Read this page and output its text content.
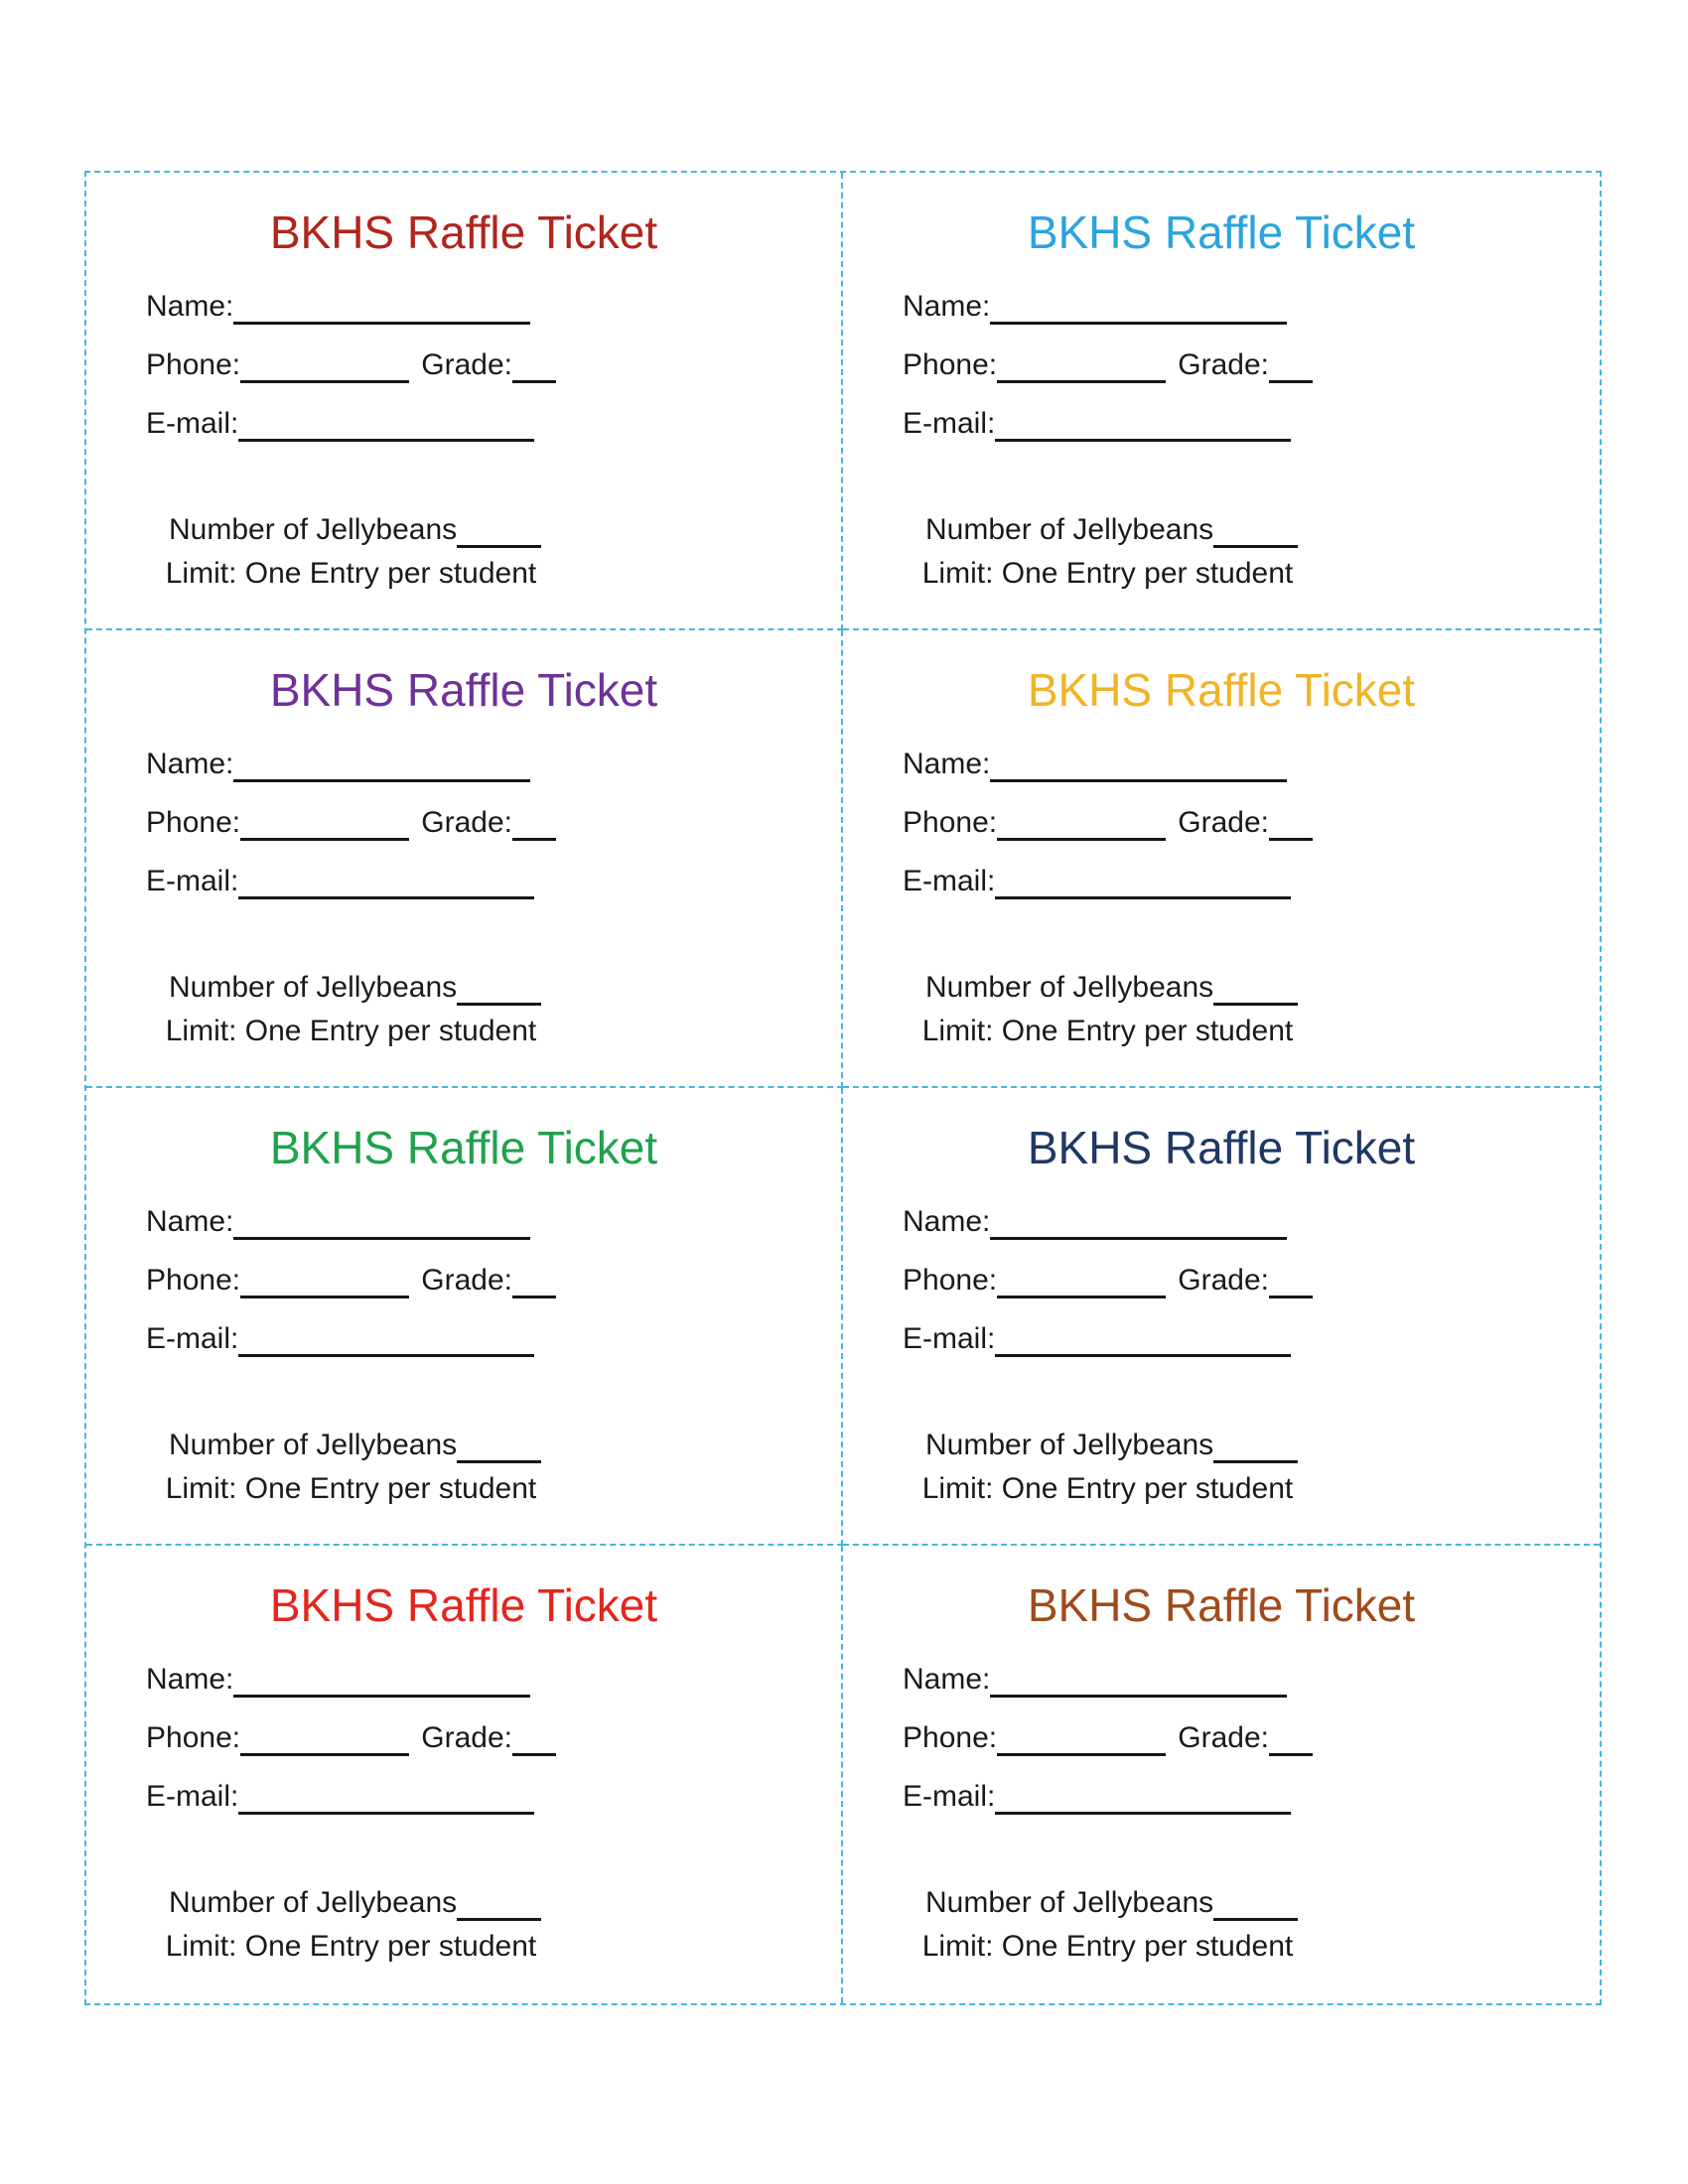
BKHS Raffle Ticket
Name:
Phone:	Grade:
E-mail:
Number of Jellybeans
Limit: One Entry per student
BKHS Raffle Ticket
Name:
Phone:	Grade:
E-mail:
Number of Jellybeans
Limit: One Entry per student
BKHS Raffle Ticket
Name:
Phone:	Grade:
E-mail:
Number of Jellybeans
Limit: One Entry per student
BKHS Raffle Ticket
Name:
Phone:	Grade:
E-mail:
Number of Jellybeans
Limit: One Entry per student
BKHS Raffle Ticket
Name:
Phone:	Grade:
E-mail:
Number of Jellybeans
Limit: One Entry per student
BKHS Raffle Ticket
Name:
Phone:	Grade:
E-mail:
Number of Jellybeans
Limit: One Entry per student
BKHS Raffle Ticket
Name:
Phone:	Grade:
E-mail:
Number of Jellybeans
Limit: One Entry per student
BKHS Raffle Ticket
Name:
Phone:	Grade:
E-mail:
Number of Jellybeans
Limit: One Entry per student
